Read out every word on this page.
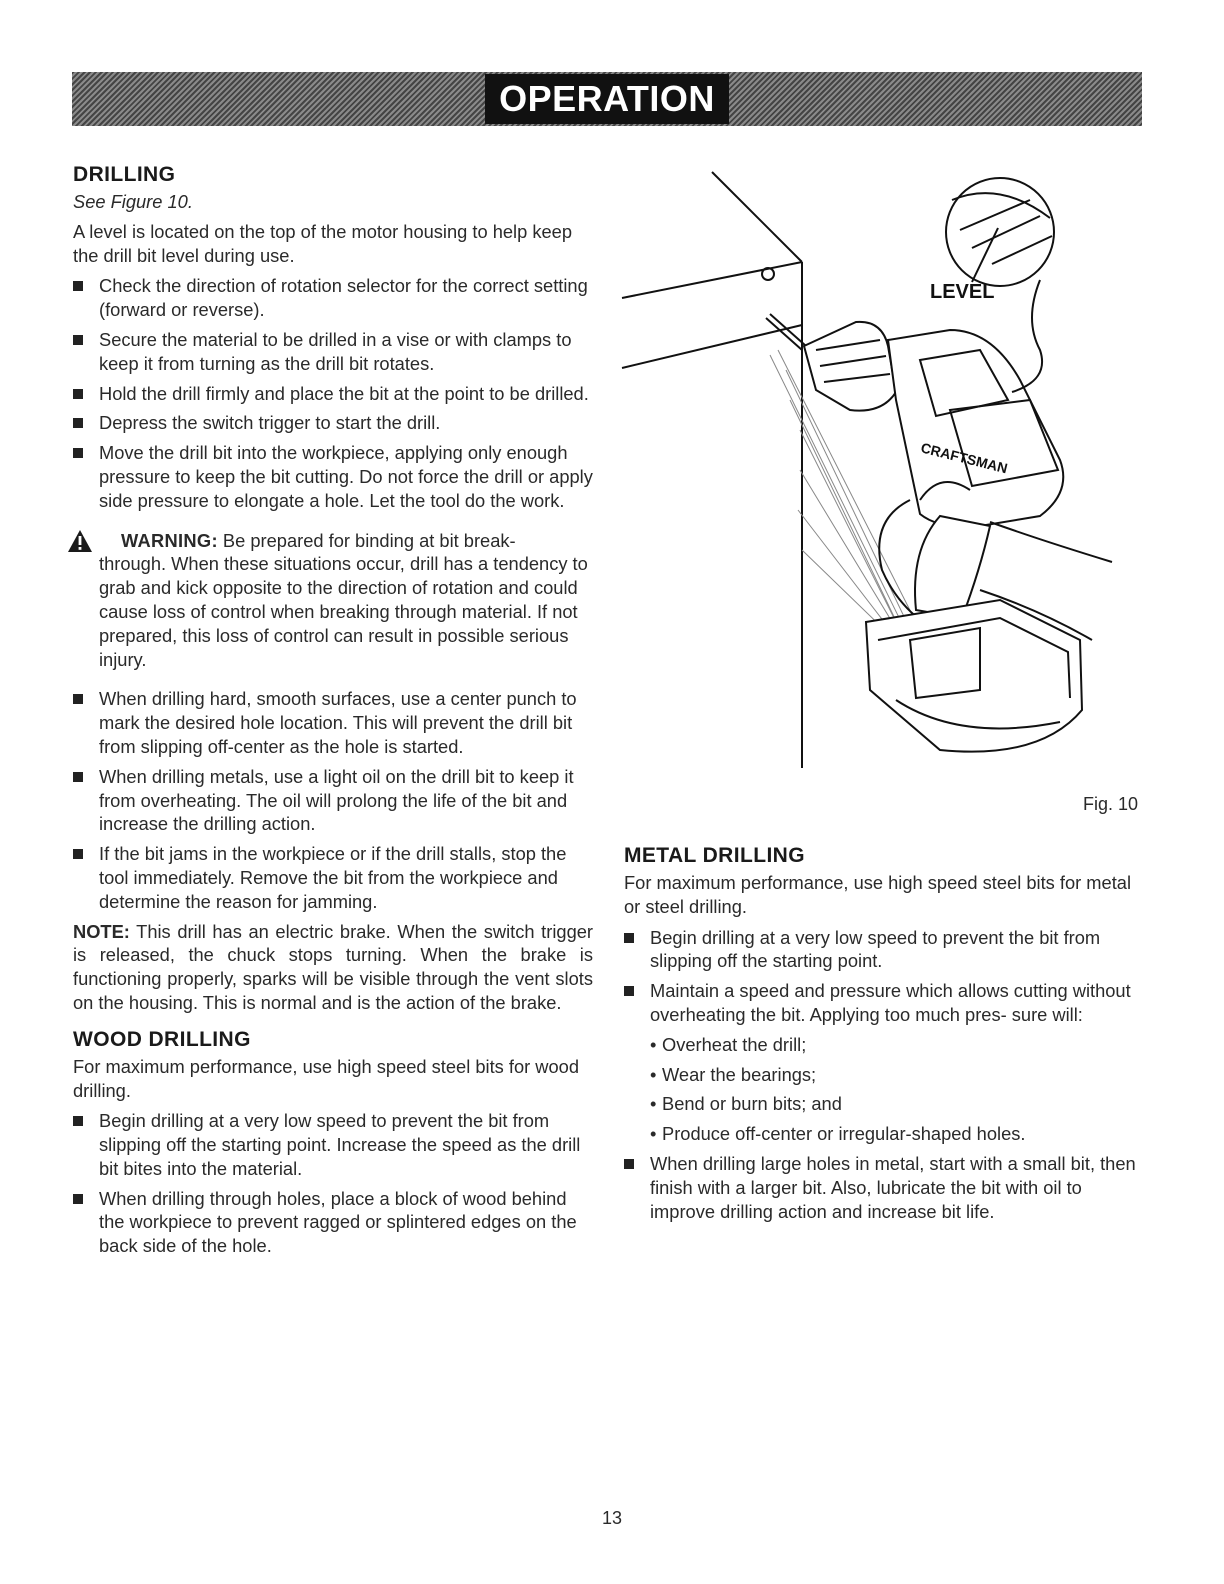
OPERATION
DRILLING

See Figure 10.

A level is located on the top of the motor housing to help keep the drill bit level during use.

Check the direction of rotation selector for the correct setting (forward or reverse).
Secure the material to be drilled in a vise or with clamps to keep it from turning as the drill bit rotates.
Hold the drill firmly and place the bit at the point to be drilled.
Depress the switch trigger to start the drill.
Move the drill bit into the workpiece, applying only enough pressure to keep the bit cutting. Do not force the drill or apply side pressure to elongate a hole. Let the tool do the work.
WARNING: Be prepared for binding at bit break-
through. When these situations occur, drill has a tendency to grab and kick opposite to the direction of rotation and could cause loss of control when breaking through material. If not prepared, this loss of control can result in possible serious injury.
When drilling hard, smooth surfaces, use a center punch to mark the desired hole location. This will prevent the drill bit from slipping off-center as the hole is started.
When drilling metals, use a light oil on the drill bit to keep it from overheating. The oil will prolong the life of the bit and increase the drilling action.
If the bit jams in the workpiece or if the drill stalls, stop the tool immediately. Remove the bit from the workpiece and determine the reason for jamming.

NOTE: This drill has an electric brake. When the switch trigger is released, the chuck stops turning. When the brake is functioning properly, sparks will be visible through the vent slots on the housing. This is normal and is the action of the brake.

WOOD DRILLING

For maximum performance, use high speed steel bits for wood drilling.

Begin drilling at a very low speed to prevent the bit from slipping off the starting point. Increase the speed as the drill bit bites into the material.
When drilling through holes, place a block of wood behind the workpiece to prevent ragged or splintered edges on the back side of the hole.
LEVEL
CRAFTSMAN
Fig. 10
METAL DRILLING

For maximum performance, use high speed steel bits for metal or steel drilling.

Begin drilling at a very low speed to prevent the bit from slipping off the starting point.
Maintain a speed and pressure which allows cutting without overheating the bit. Applying too much pres- sure will:
• Overheat the drill;
• Wear the bearings;
• Bend or burn bits; and
• Produce off-center or irregular-shaped holes.
When drilling large holes in metal, start with a small bit, then finish with a larger bit. Also, lubricate the bit with oil to improve drilling action and increase bit life.
13
